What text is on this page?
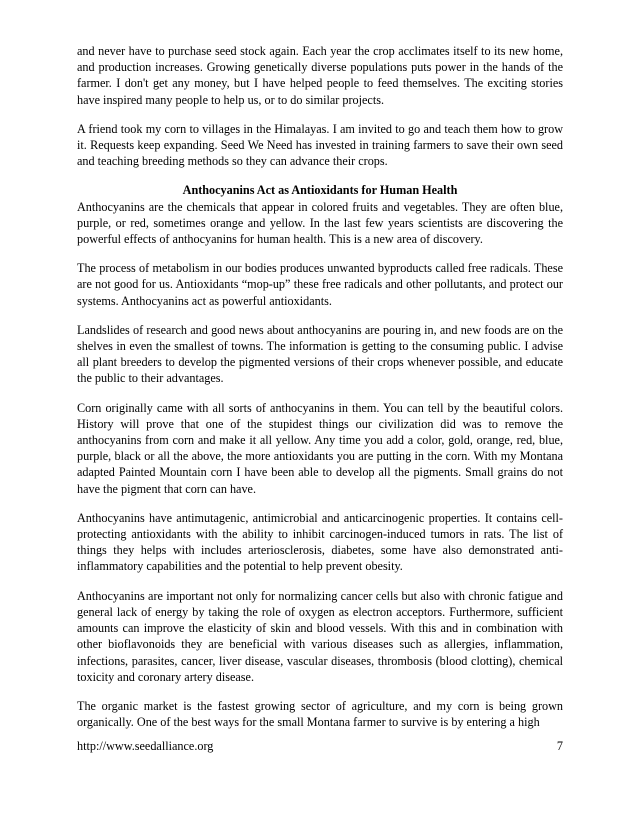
and never have to purchase seed stock again. Each year the crop acclimates itself to its new home, and production increases. Growing genetically diverse populations puts power in the hands of the farmer. I don't get any money, but I have helped people to feed themselves. The exciting stories have inspired many people to help us, or to do similar projects.

A friend took my corn to villages in the Himalayas. I am invited to go and teach them how to grow it. Requests keep expanding. Seed We Need has invested in training farmers to save their own seed and teaching breeding methods so they can advance their crops.

Anthocyanins Act as Antioxidants for Human Health

Anthocyanins are the chemicals that appear in colored fruits and vegetables. They are often blue, purple, or red, sometimes orange and yellow. In the last few years scientists are discovering the powerful effects of anthocyanins for human health. This is a new area of discovery.

The process of metabolism in our bodies produces unwanted byproducts called free radicals. These are not good for us. Antioxidants “mop-up” these free radicals and other pollutants, and protect our systems. Anthocyanins act as powerful antioxidants.

Landslides of research and good news about anthocyanins are pouring in, and new foods are on the shelves in even the smallest of towns. The information is getting to the consuming public. I advise all plant breeders to develop the pigmented versions of their crops whenever possible, and educate the public to their advantages.

Corn originally came with all sorts of anthocyanins in them. You can tell by the beautiful colors. History will prove that one of the stupidest things our civilization did was to remove the anthocyanins from corn and make it all yellow. Any time you add a color, gold, orange, red, blue, purple, black or all the above, the more antioxidants you are putting in the corn. With my Montana adapted Painted Mountain corn I have been able to develop all the pigments. Small grains do not have the pigment that corn can have.

Anthocyanins have antimutagenic, antimicrobial and anticarcinogenic properties. It contains cell-protecting antioxidants with the ability to inhibit carcinogen-induced tumors in rats. The list of things they helps with includes arteriosclerosis, diabetes, some have also demonstrated anti-inflammatory capabilities and the potential to help prevent obesity.

Anthocyanins are important not only for normalizing cancer cells but also with chronic fatigue and general lack of energy by taking the role of oxygen as electron acceptors. Furthermore, sufficient amounts can improve the elasticity of skin and blood vessels. With this and in combination with other bioflavonoids they are beneficial with various diseases such as allergies, inflammation, infections, parasites, cancer, liver disease, vascular diseases, thrombosis (blood clotting), chemical toxicity and coronary artery disease.

The organic market is the fastest growing sector of agriculture, and my corn is being grown organically. One of the best ways for the small Montana farmer to survive is by entering a high

http://www.seedalliance.org	7
